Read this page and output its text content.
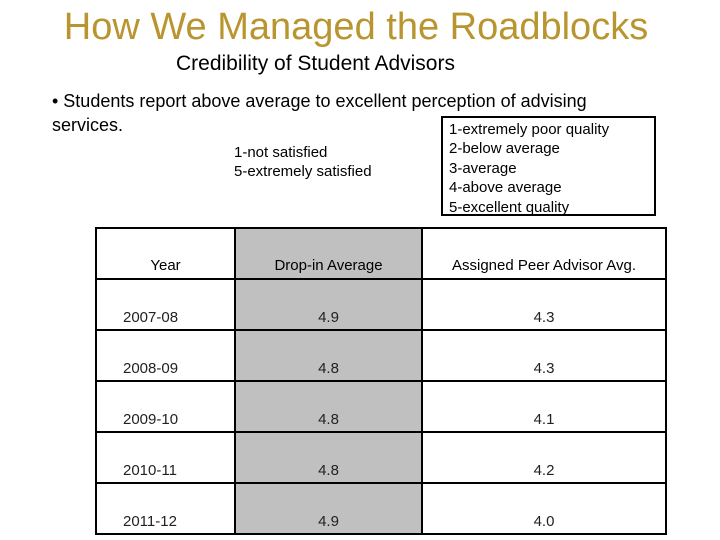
How We Managed the Roadblocks
Credibility of Student Advisors
• Students report above average to excellent perception of advising services.
1-not satisfied
5-extremely satisfied
1-extremely poor quality
2-below average
3-average
4-above average
5-excellent quality
Year	Drop-in Average	Assigned Peer Advisor Avg.
2007-08	4.9	4.3
2008-09	4.8	4.3
2009-10	4.8	4.1
2010-11	4.8	4.2
2011-12	4.9	4.0
